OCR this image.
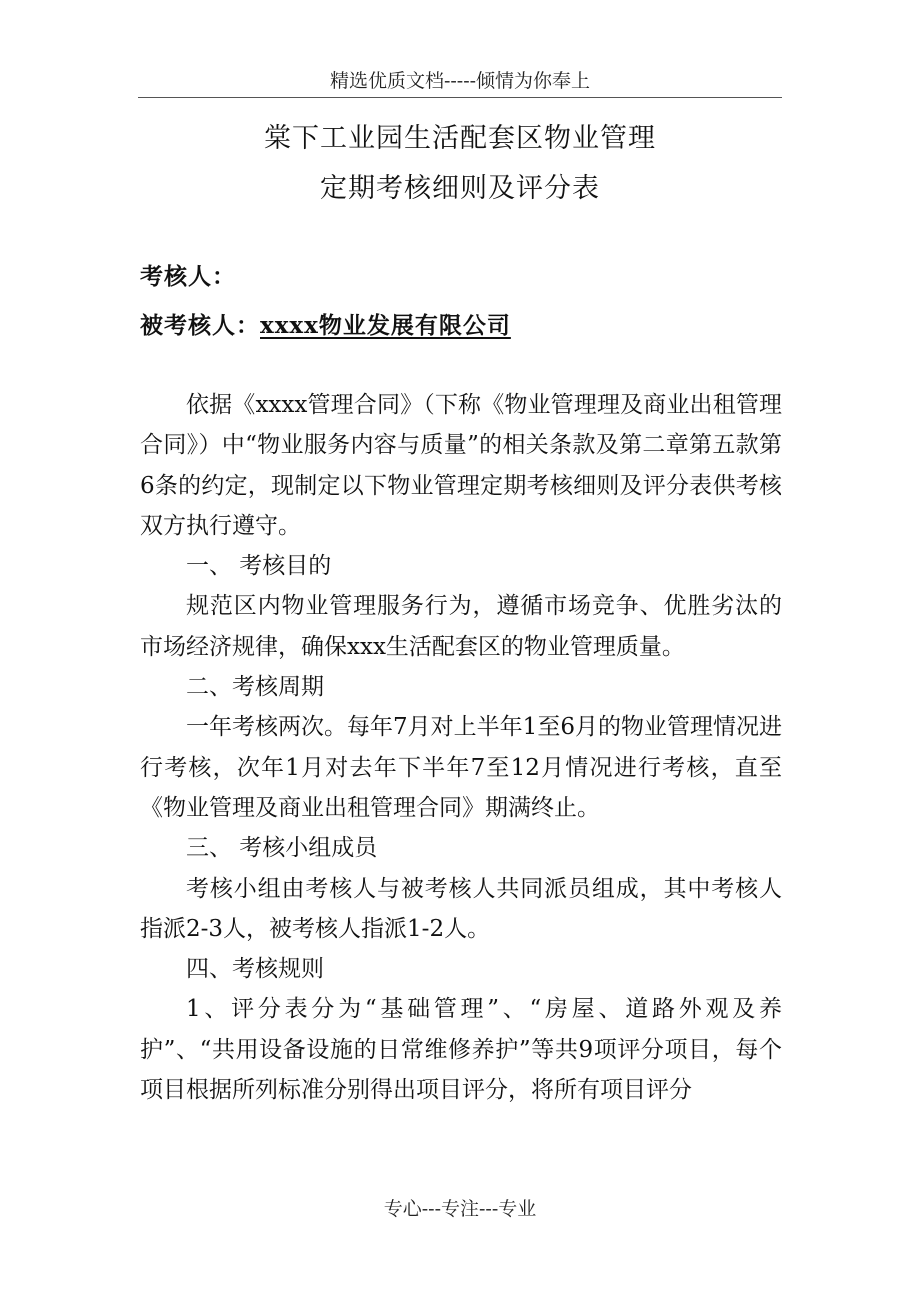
精选优质文档-----倾情为你奉上
棠下工业园生活配套区物业管理
定期考核细则及评分表
考核人：
被考核人：xxxx物业发展有限公司

依据《xxxx管理合同》（下称《物业管理理及商业出租管理合同》）中“物业服务内容与质量”的相关条款及第二章第五款第6条的约定，现制定以下物业管理定期考核细则及评分表供考核双方执行遵守。

一、 考核目的

规范区内物业管理服务行为，遵循市场竞争、优胜劣汰的市场经济规律，确保xxx生活配套区的物业管理质量。

二、考核周期

一年考核两次。每年7月对上半年1至6月的物业管理情况进行考核，次年1月对去年下半年7至12月情况进行考核，直至《物业管理及商业出租管理合同》期满终止。

三、 考核小组成员

考核小组由考核人与被考核人共同派员组成，其中考核人指派2-3人，被考核人指派1-2人。

四、考核规则

1、评分表分为“基础管理”、“房屋、道路外观及养护”、“共用设备设施的日常维修养护”等共9项评分项目，每个项目根据所列标准分别得出项目评分，将所有项目评分

专心---专注---专业
